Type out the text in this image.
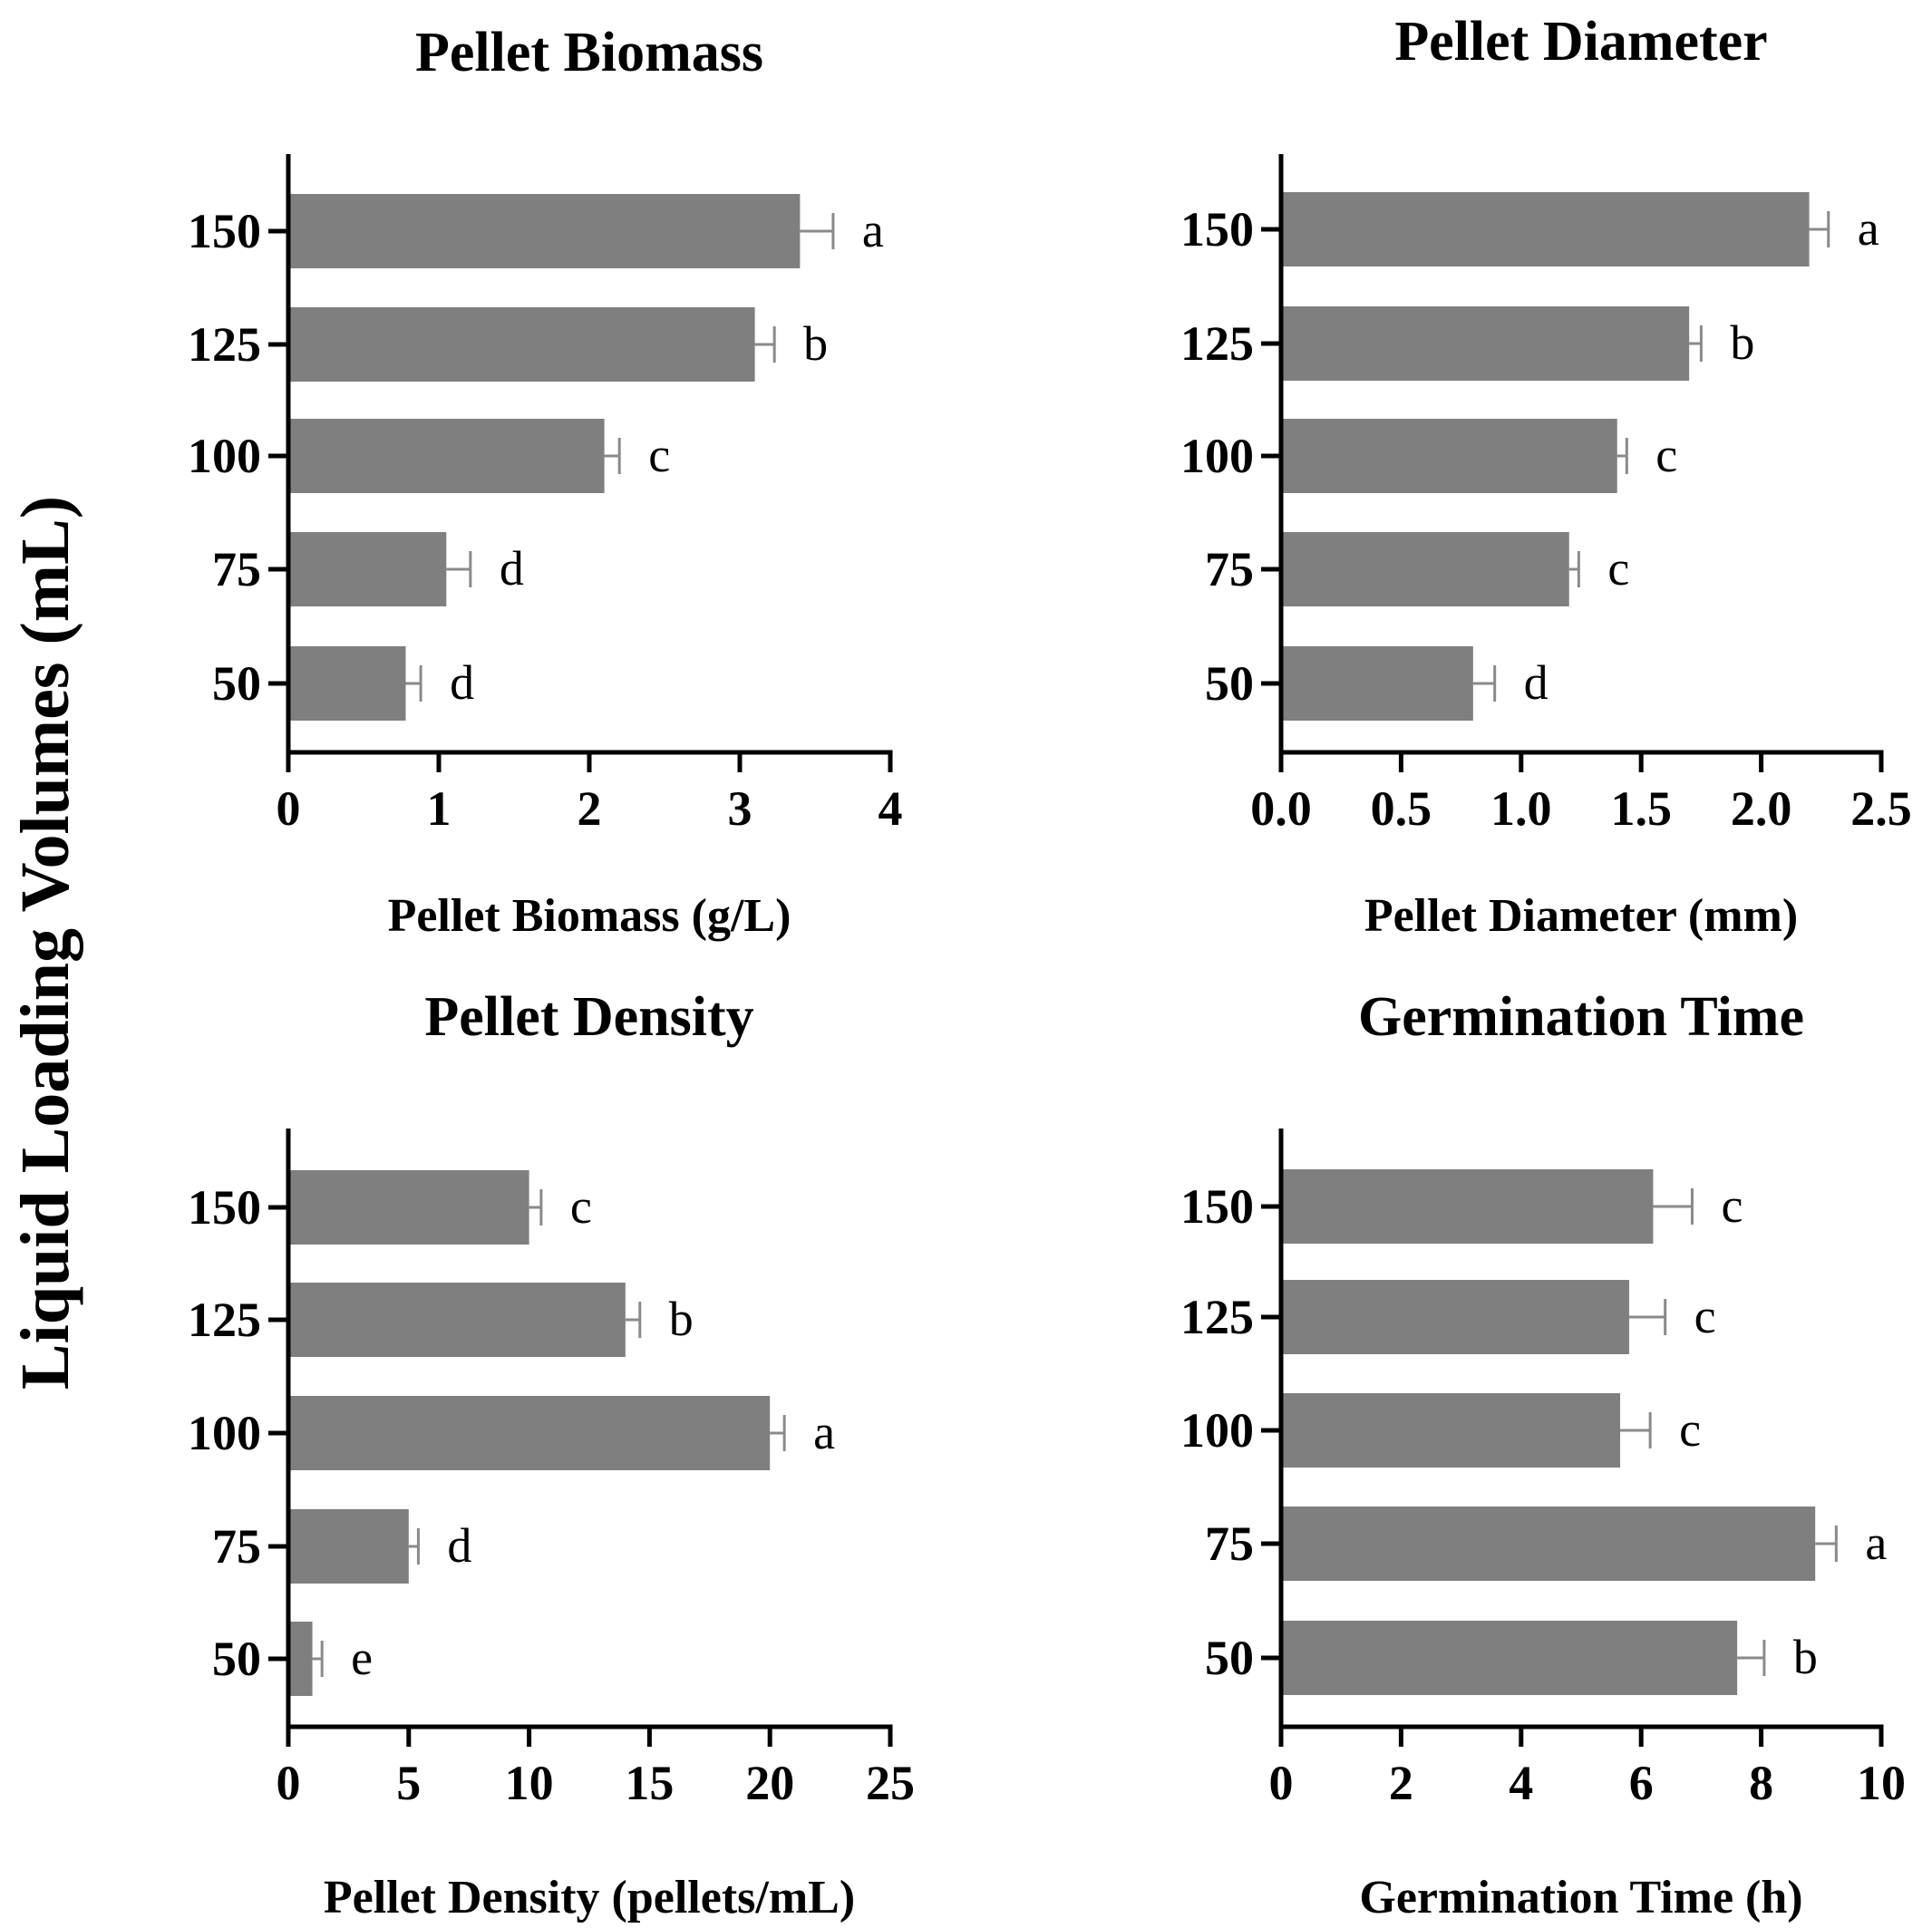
Liquid Loading Volumes (mL)
Pellet Biomass
a
150
b
125
c
100
d
75
d
50
0	1	2	3	4
Pellet Biomass (g/L)
Pellet Diameter
a
150
b
125
c
100
c
75
d
50
0.0 0.5 1.0 1.5 2.0 2.5
Pellet Diameter (mm)
Pellet Density
c
150
b
125
a
100
d
75
e
50
0 5 10 15 20 25
Pellet Density (pellets/mL)
Germination Time
c
150
c
125
c
100
a
75
b
50
0 2 4 6 8 10
Germination Time (h)
